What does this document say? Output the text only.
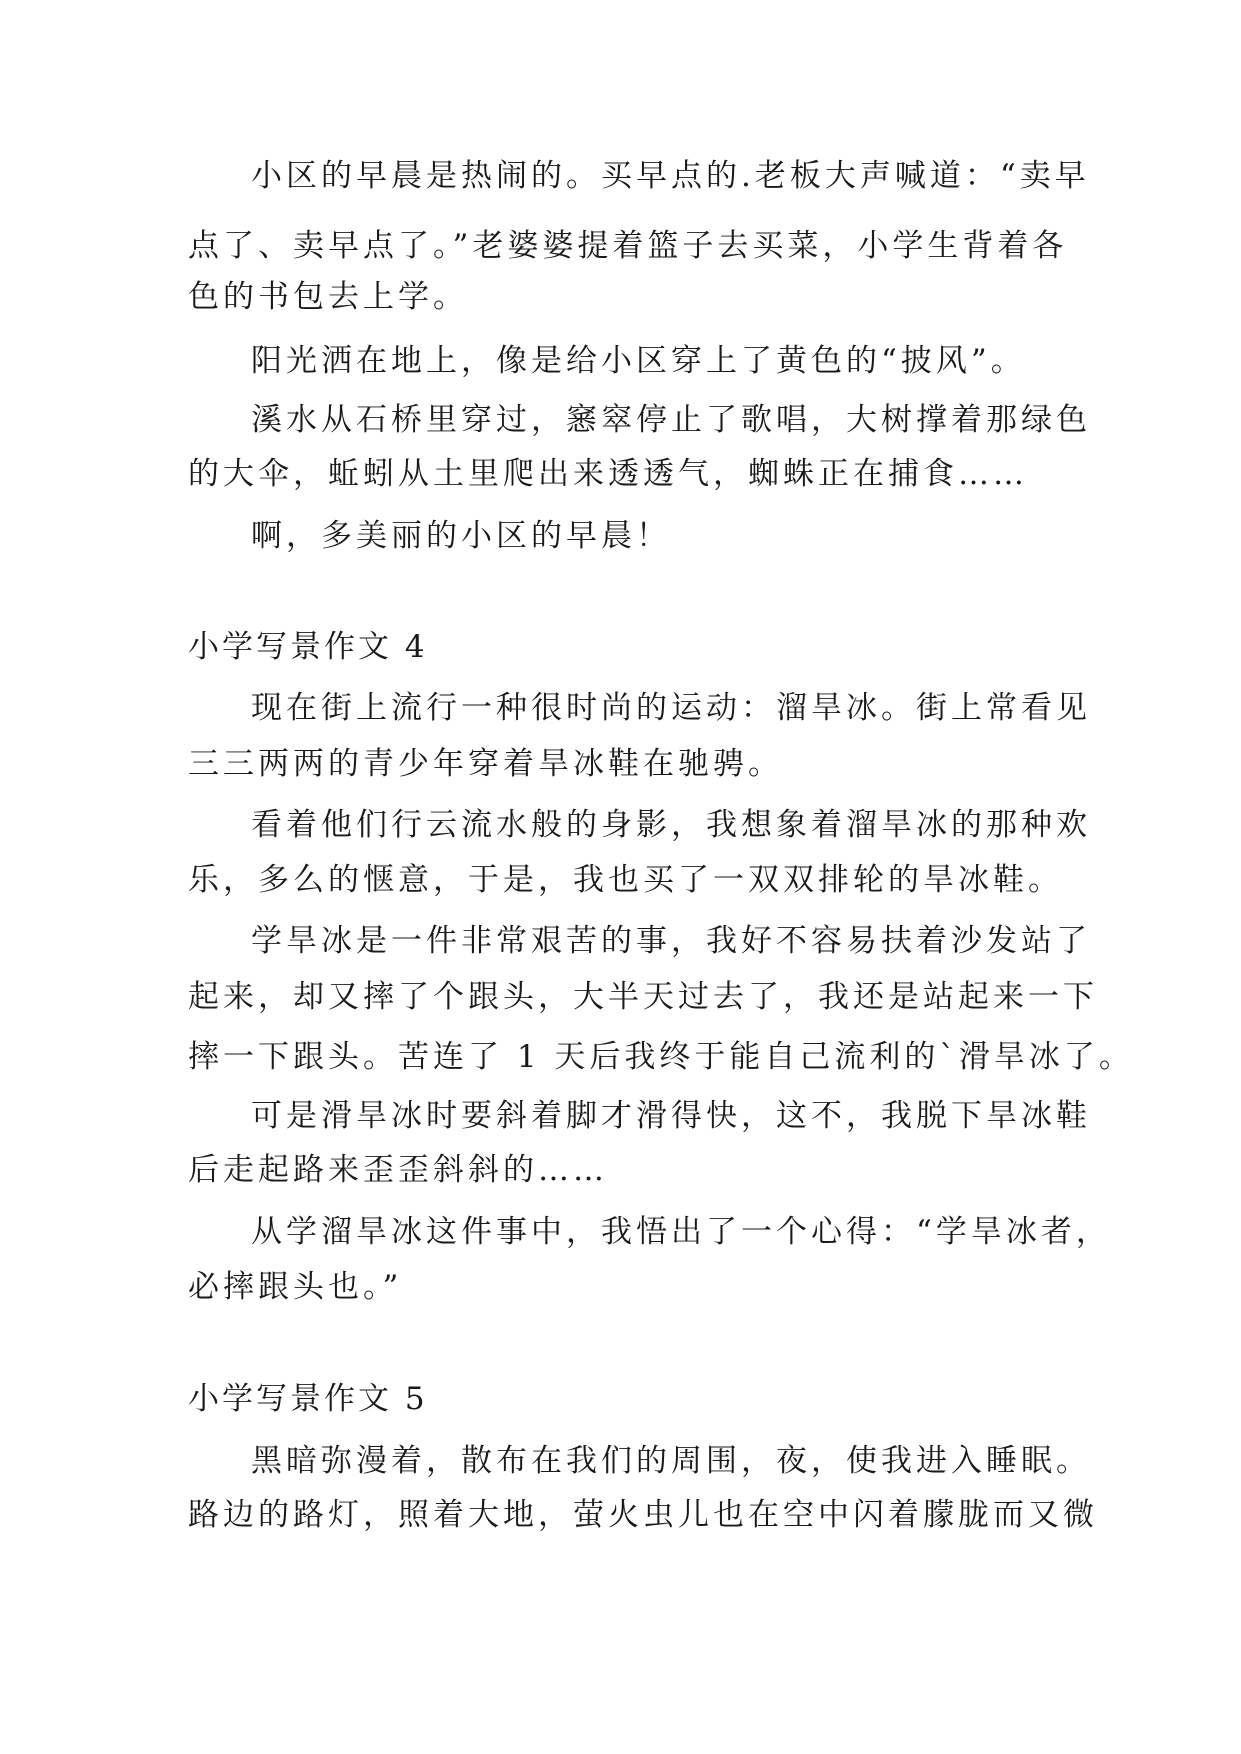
小区的早晨是热闹的。买早点的.老板大声喊道：“卖早
点了、卖早点了。”老婆婆提着篮子去买菜，小学生背着各
色的书包去上学。
阳光洒在地上，像是给小区穿上了黄色的“披风”。
溪水从石桥里穿过，窸窣停止了歌唱，大树撑着那绿色
的大伞，蚯蚓从土里爬出来透透气，蜘蛛正在捕食……
啊，多美丽的小区的早晨！
小学写景作文 4
现在街上流行一种很时尚的运动：溜旱冰。街上常看见
三三两两的青少年穿着旱冰鞋在驰骋。
看着他们行云流水般的身影，我想象着溜旱冰的那种欢
乐，多么的惬意，于是，我也买了一双双排轮的旱冰鞋。
学旱冰是一件非常艰苦的事，我好不容易扶着沙发站了
起来，却又摔了个跟头，大半天过去了，我还是站起来一下
摔一下跟头。苦连了 1 天后我终于能自己流利的`滑旱冰了。
可是滑旱冰时要斜着脚才滑得快，这不，我脱下旱冰鞋
后走起路来歪歪斜斜的……
从学溜旱冰这件事中，我悟出了一个心得：“学旱冰者，
必摔跟头也。”
小学写景作文 5
黑暗弥漫着，散布在我们的周围，夜，使我进入睡眠。
路边的路灯，照着大地，萤火虫儿也在空中闪着朦胧而又微
